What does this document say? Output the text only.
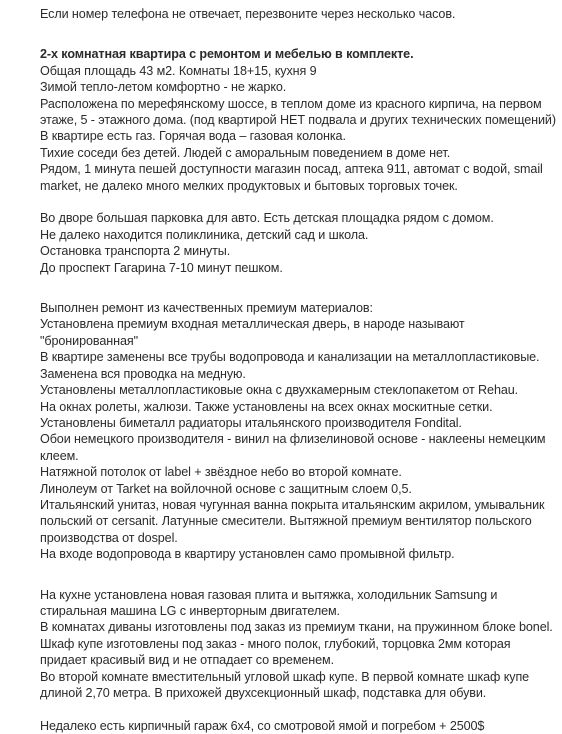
Если номер телефона не отвечает, перезвоните через несколько часов.

2-х комнатная квартира с ремонтом и мебелью в комплекте.
Общая площадь 43 м2. Комнаты 18+15, кухня 9
Зимой тепло-летом комфортно - не жарко.
Расположена по мерефянскому шоссе, в теплом доме из красного кирпича, на первом этаже, 5 - этажного дома. (под квартирой НЕТ подвала и других технических помещений)
В квартире есть газ. Горячая вода – газовая колонка.
Тихие соседи без детей. Людей с аморальным поведением в доме нет.
Рядом, 1 минута пешей доступности магазин посад, аптека 911, автомат с водой, smail market, не далеко много мелких продуктовых и бытовых торговых точек.
Во дворе большая парковка для авто. Есть детская площадка рядом с домом.
Не далеко находится поликлиника, детский сад и школа.
Остановка транспорта 2 минуты.
До проспект Гагарина 7-10 минут пешком.
Выполнен ремонт из качественных премиум материалов:
Установлена премиум входная металлическая дверь, в народе называют "бронированная"
В квартире заменены все трубы водопровода и канализации на металлопластиковые.
Заменена вся проводка на медную.
Установлены металлопластиковые окна с двухкамерным стеклопакетом от Rehau.
На окнах ролеты, жалюзи. Также установлены на всех окнах москитные сетки.
Установлены биметалл радиаторы итальянского производителя Fondital.
Обои немецкого производителя - винил на флизелиновой основе - наклеены немецким клеем.
Натяжной потолок от label + звёздное небо во второй комнате.
Линолеум от Tarket на войлочной основе с защитным слоем 0,5.
Итальянский унитаз, новая чугунная ванна покрыта итальянским акрилом, умывальник польский от cersanit. Латунные смесители. Вытяжной премиум вентилятор польского производства от dospel.
На входе водопровода в квартиру установлен само промывной фильтр.
На кухне установлена новая газовая плита и вытяжка, холодильник Samsung и стиральная машина LG с инверторным двигателем.
В комнатах диваны изготовлены под заказ из премиум ткани, на пружинном блоке bonel.
Шкаф купе изготовлены под заказ - много полок, глубокий, торцовка 2мм которая придает красивый вид и не отпадает со временем.
Во второй комнате вместительный угловой шкаф купе. В первой комнате шкаф купе длиной 2,70 метра. В прихожей двухсекционный шкаф, подставка для обуви.
Недалеко есть кирпичный гараж 6х4, со смотровой ямой и погребом + 2500$
